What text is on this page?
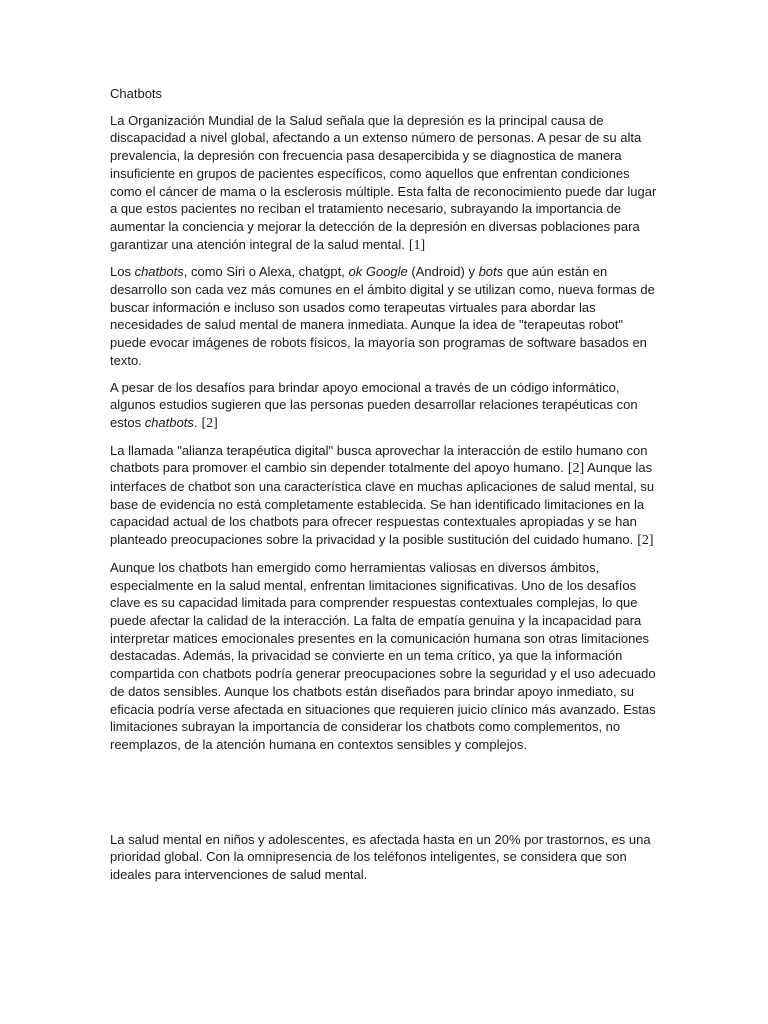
Chatbots

La Organización Mundial de la Salud señala que la depresión es la principal causa de discapacidad a nivel global, afectando a un extenso número de personas. A pesar de su alta prevalencia, la depresión con frecuencia pasa desapercibida y se diagnostica de manera insuficiente en grupos de pacientes específicos, como aquellos que enfrentan condiciones como el cáncer de mama o la esclerosis múltiple. Esta falta de reconocimiento puede dar lugar a que estos pacientes no reciban el tratamiento necesario, subrayando la importancia de aumentar la conciencia y mejorar la detección de la depresión en diversas poblaciones para garantizar una atención integral de la salud mental. [1]

Los chatbots, como Siri o Alexa, chatgpt, ok Google (Android) y bots que aún están en desarrollo son cada vez más comunes en el ámbito digital y se utilizan como, nueva formas de buscar información e incluso son usados como terapeutas virtuales para abordar las necesidades de salud mental de manera inmediata. Aunque la idea de "terapeutas robot" puede evocar imágenes de robots físicos, la mayoría son programas de software basados en texto.

A pesar de los desafíos para brindar apoyo emocional a través de un código informático, algunos estudios sugieren que las personas pueden desarrollar relaciones terapéuticas con estos chatbots. [2]

La llamada "alianza terapéutica digital" busca aprovechar la interacción de estilo humano con chatbots para promover el cambio sin depender totalmente del apoyo humano. [2] Aunque las interfaces de chatbot son una característica clave en muchas aplicaciones de salud mental, su base de evidencia no está completamente establecida. Se han identificado limitaciones en la capacidad actual de los chatbots para ofrecer respuestas contextuales apropiadas y se han planteado preocupaciones sobre la privacidad y la posible sustitución del cuidado humano. [2]

Aunque los chatbots han emergido como herramientas valiosas en diversos ámbitos, especialmente en la salud mental, enfrentan limitaciones significativas. Uno de los desafíos clave es su capacidad limitada para comprender respuestas contextuales complejas, lo que puede afectar la calidad de la interacción. La falta de empatía genuina y la incapacidad para interpretar matices emocionales presentes en la comunicación humana son otras limitaciones destacadas. Además, la privacidad se convierte en un tema crítico, ya que la información compartida con chatbots podría generar preocupaciones sobre la seguridad y el uso adecuado de datos sensibles. Aunque los chatbots están diseñados para brindar apoyo inmediato, su eficacia podría verse afectada en situaciones que requieren juicio clínico más avanzado. Estas limitaciones subrayan la importancia de considerar los chatbots como complementos, no reemplazos, de la atención humana en contextos sensibles y complejos.

La salud mental en niños y adolescentes, es afectada hasta en un 20% por trastornos, es una prioridad global. Con la omnipresencia de los teléfonos inteligentes, se considera que son ideales para intervenciones de salud mental.
